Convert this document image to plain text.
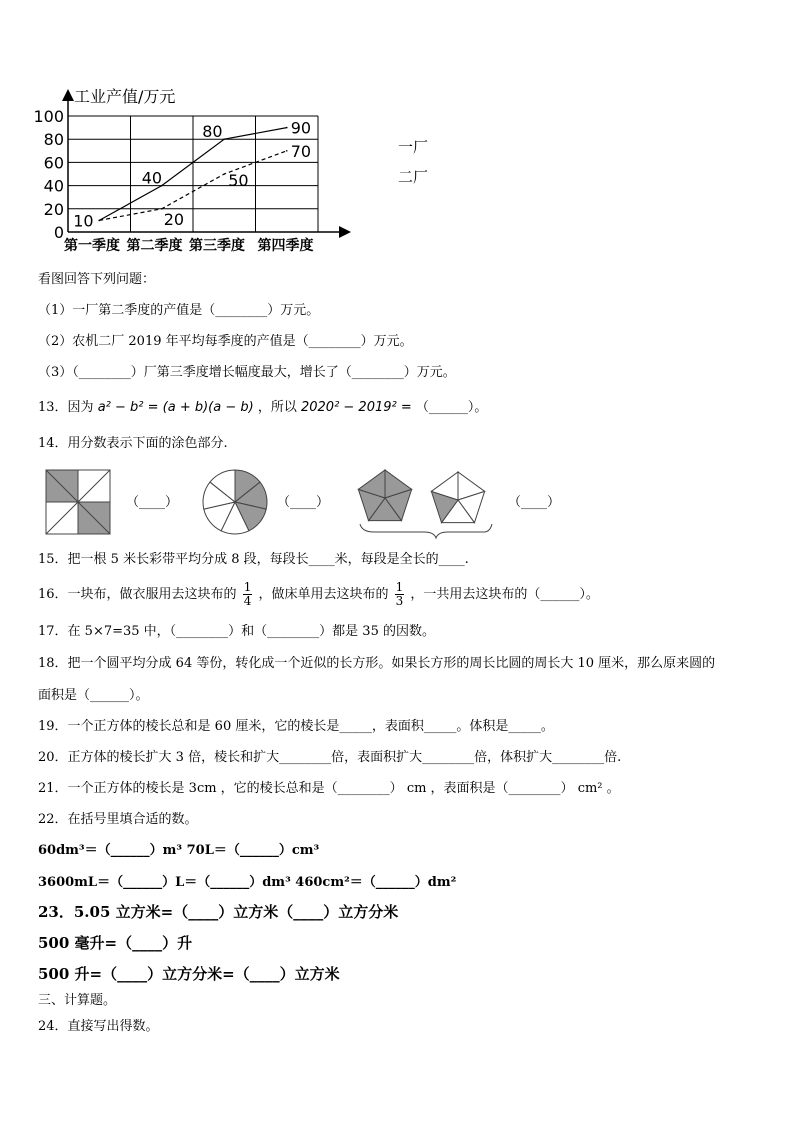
0
20
40
60
80
100
工业产值/万元
第一季度 第二季度 第三季度 第四季度
10
40
80	90
20
50
70	一厂
二厂
看图回答下列问题：
（1）一厂第二季度的产值是（________）万元。
（2）农机二厂 2019 年平均每季度的产值是（________）万元。
（3）（________）厂第三季度增长幅度最大，增长了（________）万元。
13．因为 a² − b² = (a + b)(a − b) ，所以 2020² − 2019² = （______）。
14．用分数表示下面的涂色部分.
（____）	（____）	（____）
15．把一根 5 米长彩带平均分成 8 段，每段长____米，每段是全长的____.
16．一块布，做衣服用去这块布的 $\frac{1}{4}$ ，做床单用去这块布的 $\frac{1}{3}$ ，一共用去这块布的（______）。
17．在 5×7=35 中，（________）和（________）都是 35 的因数。
18．把一个圆平均分成 64 等份，转化成一个近似的长方形。如果长方形的周长比圆的周长大 10 厘米，那么原来圆的
面积是（______）。
19．一个正方体的棱长总和是 60 厘米，它的棱长是_____，表面积_____。体积是_____。
20．正方体的棱长扩大 3 倍，棱长和扩大________倍，表面积扩大________倍，体积扩大________倍.
21．一个正方体的棱长是 3cm ，它的棱长总和是（________） cm ，表面积是（________） cm² 。
22．在括号里填合适的数。
60dm³＝（______）m³ 70L＝（______）cm³
3600mL＝（______）L＝（______）dm³ 460cm²＝（______）dm²
23．5.05 立方米=（____）立方米（____）立方分米
500 毫升=（____）升
500 升=（____）立方分米=（____）立方米
三、计算题。
24．直接写出得数。
